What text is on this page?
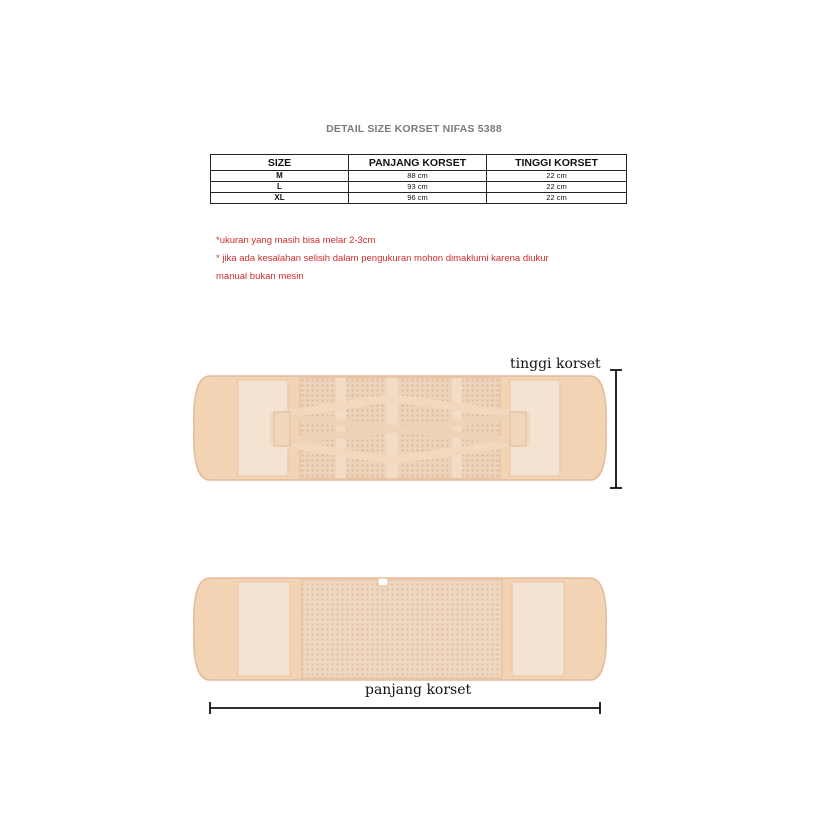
DETAIL SIZE KORSET NIFAS 5388
SIZE	PANJANG KORSET	TINGGI KORSET
M	88 cm	22 cm
L	93 cm	22 cm
XL	96 cm	22 cm
*ukuran yang masih bisa melar 2-3cm
* jika ada kesalahan selisih dalam pengukuran mohon dimaklumi karena diukur
manual bukan mesin
tinggi korset
panjang korset
